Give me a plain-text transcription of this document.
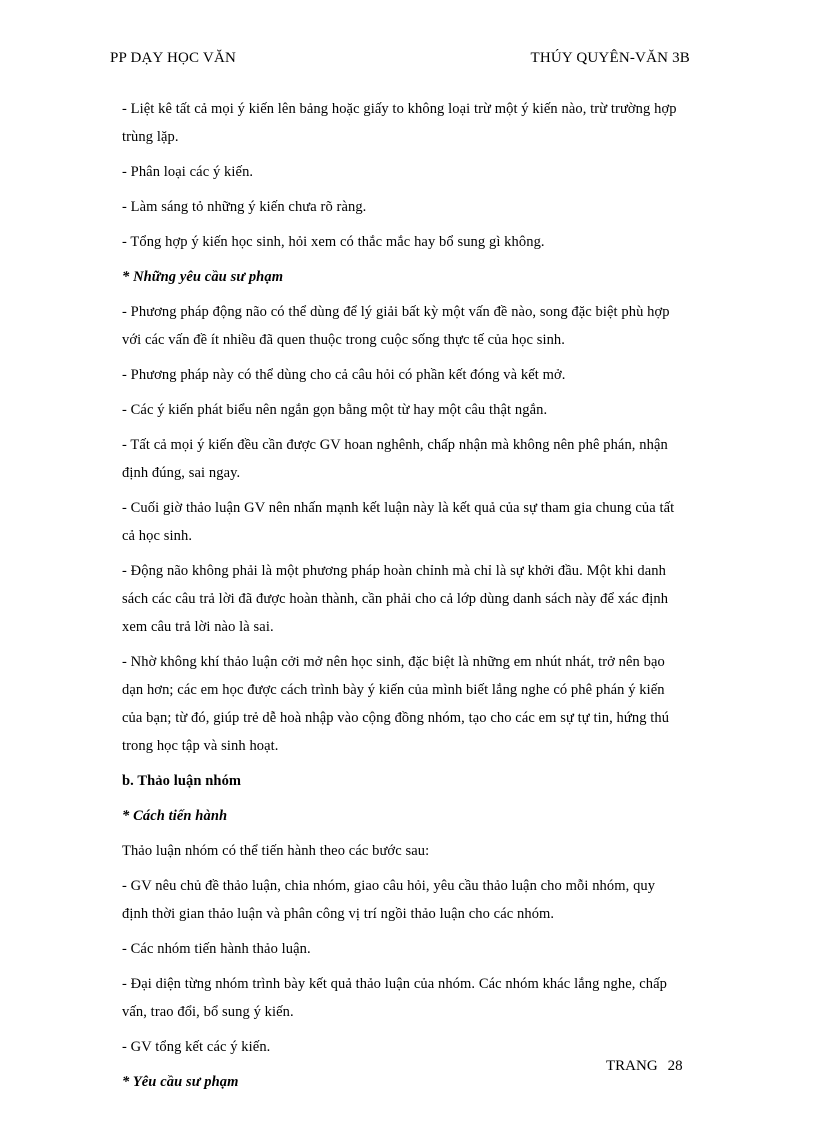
PP DẠY HỌC VĂN	THÚY QUYÊN-VĂN 3B

- Liệt kê tất cả mọi ý kiến lên bảng hoặc giấy to không loại trừ một ý kiến nào, trừ trường hợp trùng lặp.

- Phân loại các ý kiến.

- Làm sáng tỏ những ý kiến chưa rõ ràng.

- Tổng hợp ý kiến học sinh, hỏi xem có thắc mắc hay bổ sung gì không.

* Những yêu cầu sư phạm

- Phương pháp động não có thể dùng để lý giải bất kỳ một vấn đề nào, song đặc biệt phù hợp với các vấn đề ít nhiều đã quen thuộc trong cuộc sống thực tế của học sinh.

- Phương pháp này có thể dùng cho cả câu hỏi có phần kết đóng và kết mở.

- Các ý kiến phát biểu nên ngắn gọn bằng một từ hay một câu thật ngắn.

- Tất cả mọi ý kiến đều cần được GV hoan nghênh, chấp nhận mà không nên phê phán, nhận định đúng, sai ngay.

- Cuối giờ thảo luận GV nên nhấn mạnh kết luận này là kết quả của sự tham gia chung của tất cả học sinh.

- Động não không phải là một phương pháp hoàn chỉnh mà chỉ là sự khởi đầu. Một khi danh sách các câu trả lời đã được hoàn thành, cần phải cho cả lớp dùng danh sách này để xác định xem câu trả lời nào là sai.

- Nhờ không khí thảo luận cởi mở nên học sinh, đặc biệt là những em nhút nhát, trở nên bạo dạn hơn; các em học được cách trình bày ý kiến của mình biết lắng nghe có phê phán ý kiến của bạn; từ đó, giúp trẻ dễ hoà nhập vào cộng đồng nhóm, tạo cho các em sự tự tin, hứng thú trong học tập và sinh hoạt.

b. Thảo luận nhóm

* Cách tiến hành

Thảo luận nhóm có thể tiến hành theo các bước sau:

- GV nêu chủ đề thảo luận, chia nhóm, giao câu hỏi, yêu cầu thảo luận cho mỗi nhóm, quy định thời gian thảo luận và phân công vị trí ngồi thảo luận cho các nhóm.

- Các nhóm tiến hành thảo luận.

- Đại diện từng nhóm trình bày kết quả thảo luận của nhóm. Các nhóm khác lắng nghe, chấp vấn, trao đổi, bổ sung ý kiến.

- GV tổng kết các ý kiến.

* Yêu cầu sư phạm

TRANG 28
